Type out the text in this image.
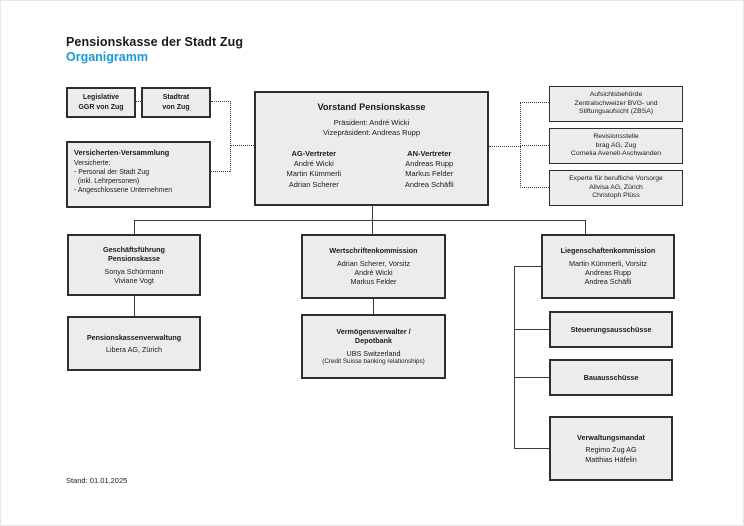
Pensionskasse der Stadt Zug
Organigramm
Legislative
GGR von Zug
Stadtrat
von Zug
Versicherten-Versammlung
Versicherte:
- Personal der Stadt Zug
(inkl. Lehrpersonen)
- Angeschlossene Unternehmen
Vorstand Pensionskasse
Präsident: André Wicki
Vizepräsident: Andreas Rupp
AG-Vertreter
André Wicki
Martin Kümmerli
Adrian Scherer
AN-Vertreter
Andreas Rupp
Markus Felder
Andrea Schäfli
Aufsichtsbehörde
Zentralschweizer BVG- und
Stiftungsaufsicht (ZBSA)
Revisionsstelle
brag AG, Zug
Cornelia Avenell-Aschwanden
Experte für berufliche Vorsorge
Allvisa AG, Zürich
Christoph Plüss
Geschäftsführung
Pensionskasse
Sonya Schürmann
Viviane Vogt
Wertschriftenkommission
Adrian Scherer, Vorsitz
André Wicki
Markus Felder
Liegenschaftenkommission
Martin Kümmerli, Vorsitz
Andreas Rupp
Andrea Schäfli
Pensionskassenverwaltung
Libera AG, Zürich
Vermögensverwalter /
Depotbank
UBS Switzerland
(Credit Suisse banking relationships)
Steuerungsausschüsse
Bauausschüsse
Verwaltungsmandat
Regimo Zug AG
Matthias Häfelin
Stand: 01.01.2025
